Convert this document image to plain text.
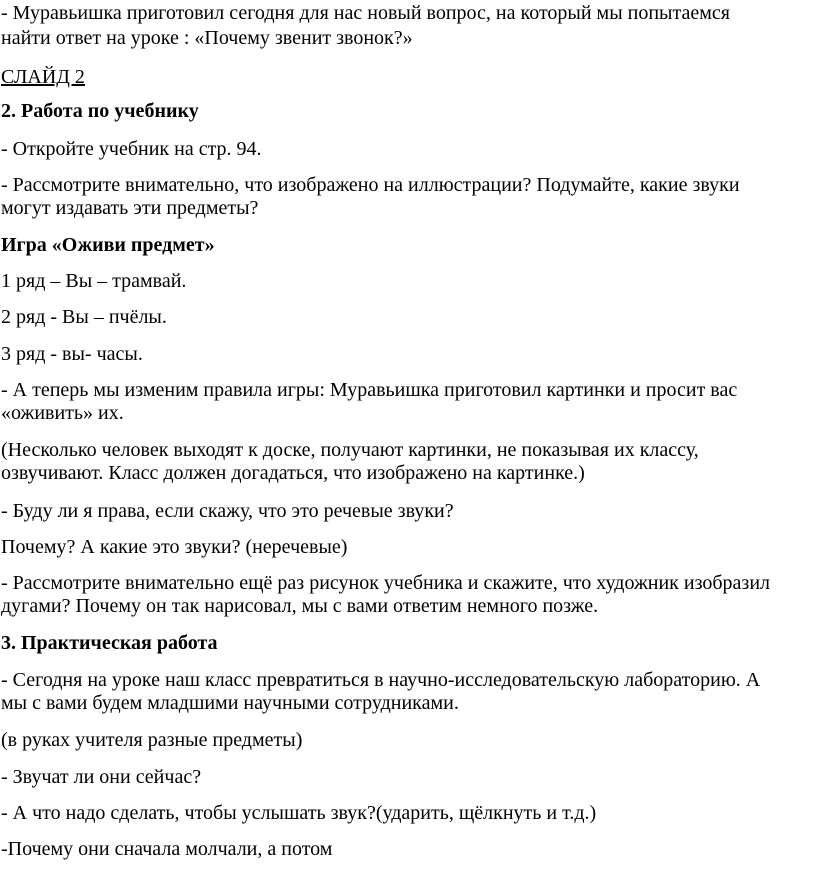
- Муравьишка приготовил сегодня для нас новый вопрос, на который мы попытаемся
найти ответ на уроке : «Почему звенит звонок?»
СЛАЙД 2
2. Работа по учебнику
- Откройте учебник на стр. 94.
- Рассмотрите внимательно, что изображено на иллюстрации? Подумайте, какие звуки
могут издавать эти предметы?
Игра «Оживи предмет»
1 ряд – Вы – трамвай.
2 ряд - Вы – пчёлы.
3 ряд - вы- часы.
- А теперь мы изменим правила игры: Муравьишка приготовил картинки и просит вас
«оживить» их.
(Несколько человек выходят к доске, получают картинки, не показывая их классу,
озвучивают. Класс должен догадаться, что изображено на картинке.)
- Буду ли я права, если скажу, что это речевые звуки?
Почему? А какие это звуки? (неречевые)
- Рассмотрите внимательно ещё раз рисунок учебника и скажите, что художник изобразил
дугами? Почему он так нарисовал, мы с вами ответим немного позже.
3. Практическая работа
- Сегодня на уроке наш класс превратиться в научно-исследовательскую лабораторию. А
мы с вами будем младшими научными сотрудниками.
(в руках учителя разные предметы)
- Звучат ли они сейчас?
- А что надо сделать, чтобы услышать звук?(ударить, щёлкнуть и т.д.)
-Почему они сначала молчали, а потом
